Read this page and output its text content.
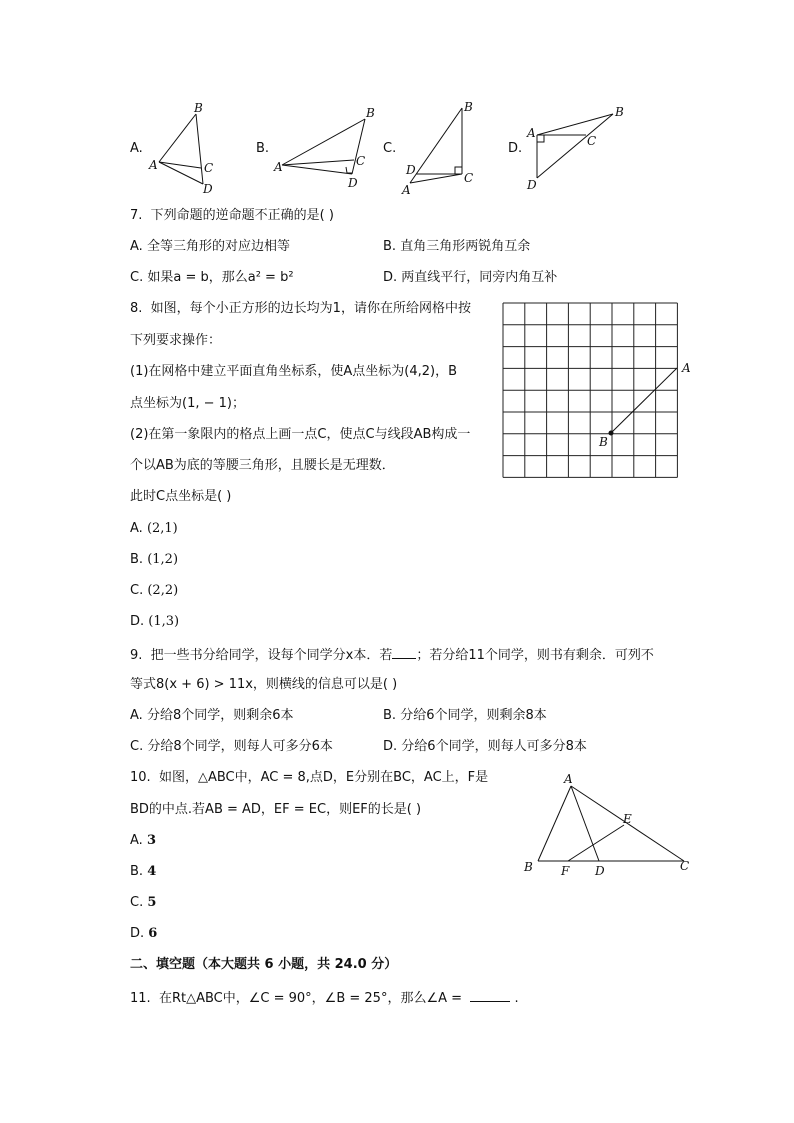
A.
B
A	C
D
B.
B
A	C
D
C.
B
D
C
A
D.
B
A
C
D
7. 下列命题的逆命题不正确的是( )
A. 全等三角形的对应边相等	B. 直角三角形两锐角互余
C. 如果a = b，那么a² = b²	D. 两直线平行，同旁内角互补
8. 如图，每个小正方形的边长均为1，请你在所给网格中按
下列要求操作：
(1)在网格中建立平面直角坐标系，使A点坐标为(4,2)，B
点坐标为(1, − 1)；
(2)在第一象限内的格点上画一点C，使点C与线段AB构成一
个以AB为底的等腰三角形，且腰长是无理数．
此时C点坐标是( )
A
B
A. (2,1)
B. (1,2)
C. (2,2)
D. (1,3)
9. 把一些书分给同学，设每个同学分x本．若 ；若分给11个同学，则书有剩余．可列不
等式8(x + 6) > 11x，则横线的信息可以是( )
A. 分给8个同学，则剩余6本	B. 分给6个同学，则剩余8本
C. 分给8个同学，则每人可多分6本	D. 分给6个同学，则每人可多分8本
10. 如图，△ABC中，AC = 8,点D，E分别在BC，AC上，F是
BD的中点.若AB = AD，EF = EC，则EF的长是( )
A
B	C
D
E
F
A. 3
B. 4
C. 5
D. 6
二、填空题（本大题共 6 小题，共 24.0 分）
11. 在Rt△ABC中，∠C = 90°，∠B = 25°，那么∠A =	.
